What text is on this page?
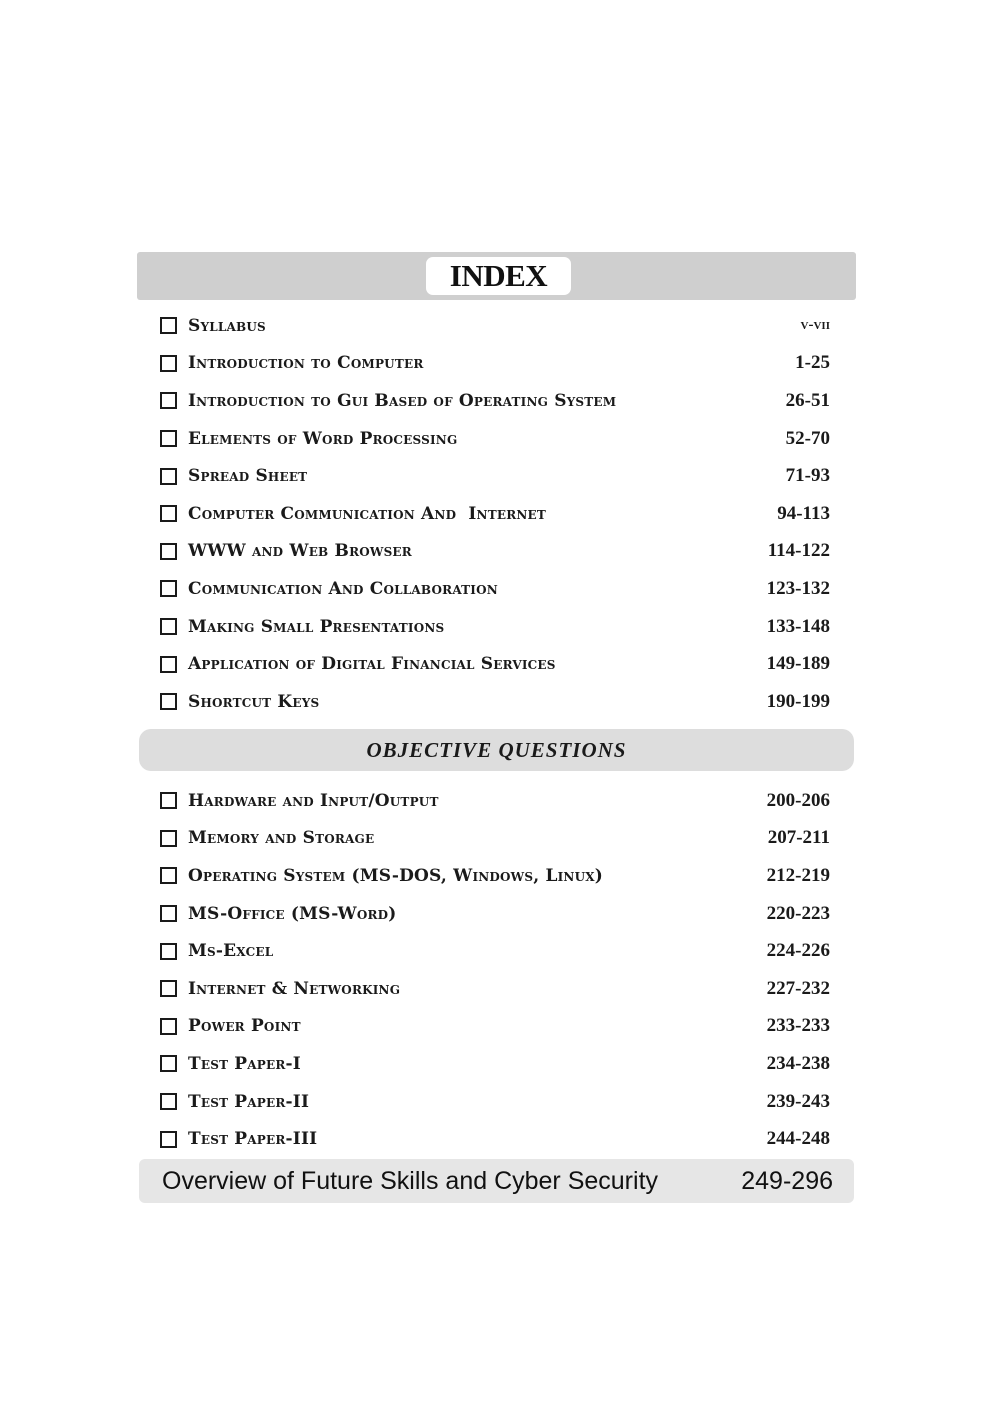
INDEX
Syllabus	v-vii
Introduction to Computer	1-25
Introduction to Gui Based of Operating System	26-51
Elements of Word Processing	52-70
Spread Sheet	71-93
Computer Communication And  Internet	94-113
WWW and Web Browser	114-122
Communication And Collaboration	123-132
Making Small Presentations	133-148
Application of Digital Financial Services	149-189
Shortcut Keys	190-199
OBJECTIVE QUESTIONS
Hardware and Input/Output	200-206
Memory and Storage	207-211
Operating System (MS-DOS, Windows, Linux)	212-219
MS-Office (MS-Word)	220-223
Ms-Excel	224-226
Internet & Networking	227-232
Power Point	233-233
Test Paper-I	234-238
Test Paper-II	239-243
Test Paper-III	244-248
Overview of Future Skills and Cyber Security	249-296
